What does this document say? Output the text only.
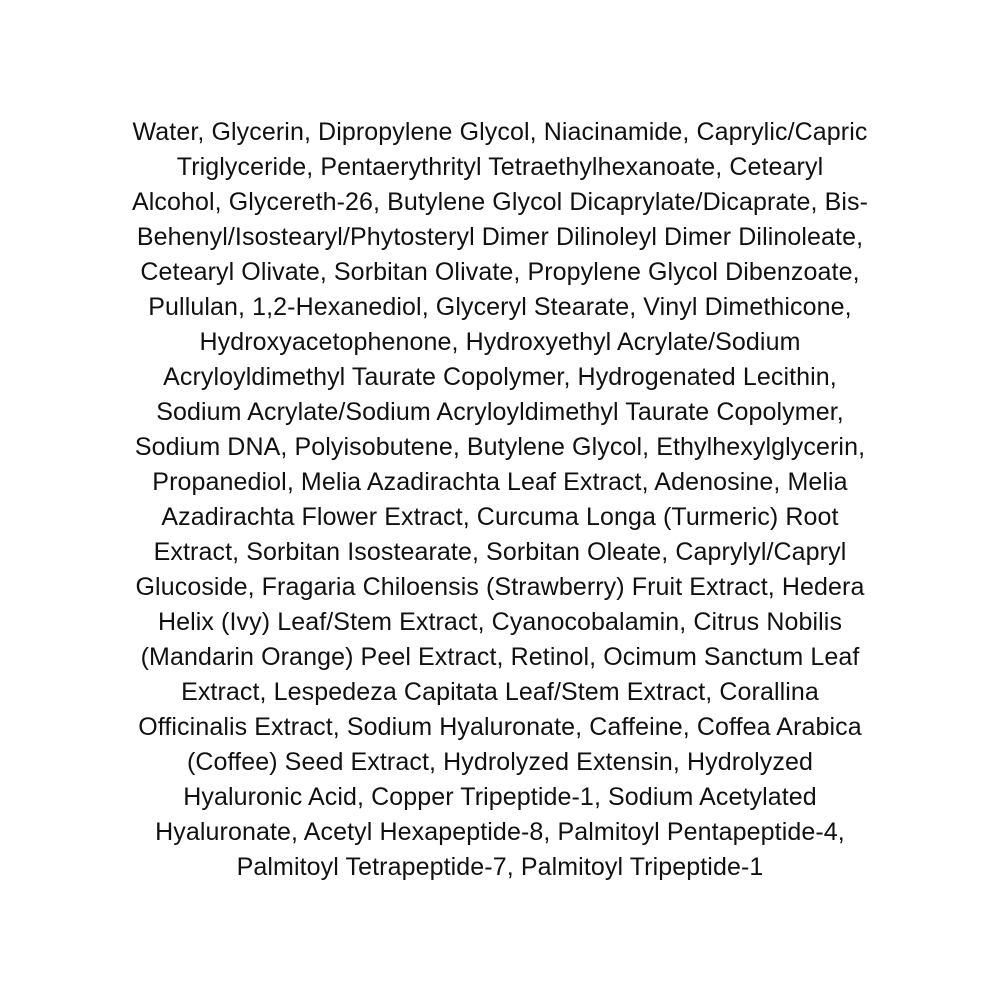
Water, Glycerin, Dipropylene Glycol, Niacinamide, Caprylic/Capric
Triglyceride, Pentaerythrityl Tetraethylhexanoate, Cetearyl
Alcohol, Glycereth-26, Butylene Glycol Dicaprylate/Dicaprate, Bis-
Behenyl/Isostearyl/Phytosteryl Dimer Dilinoleyl Dimer Dilinoleate,
Cetearyl Olivate, Sorbitan Olivate, Propylene Glycol Dibenzoate,
Pullulan, 1,2-Hexanediol, Glyceryl Stearate, Vinyl Dimethicone,
Hydroxyacetophenone, Hydroxyethyl Acrylate/Sodium
Acryloyldimethyl Taurate Copolymer, Hydrogenated Lecithin,
Sodium Acrylate/Sodium Acryloyldimethyl Taurate Copolymer,
Sodium DNA, Polyisobutene, Butylene Glycol, Ethylhexylglycerin,
Propanediol, Melia Azadirachta Leaf Extract, Adenosine, Melia
Azadirachta Flower Extract, Curcuma Longa (Turmeric) Root
Extract, Sorbitan Isostearate, Sorbitan Oleate, Caprylyl/Capryl
Glucoside, Fragaria Chiloensis (Strawberry) Fruit Extract, Hedera
Helix (Ivy) Leaf/Stem Extract, Cyanocobalamin, Citrus Nobilis
(Mandarin Orange) Peel Extract, Retinol, Ocimum Sanctum Leaf
Extract, Lespedeza Capitata Leaf/Stem Extract, Corallina
Officinalis Extract, Sodium Hyaluronate, Caffeine, Coffea Arabica
(Coffee) Seed Extract, Hydrolyzed Extensin, Hydrolyzed
Hyaluronic Acid, Copper Tripeptide-1, Sodium Acetylated
Hyaluronate, Acetyl Hexapeptide-8, Palmitoyl Pentapeptide-4,
Palmitoyl Tetrapeptide-7, Palmitoyl Tripeptide-1
